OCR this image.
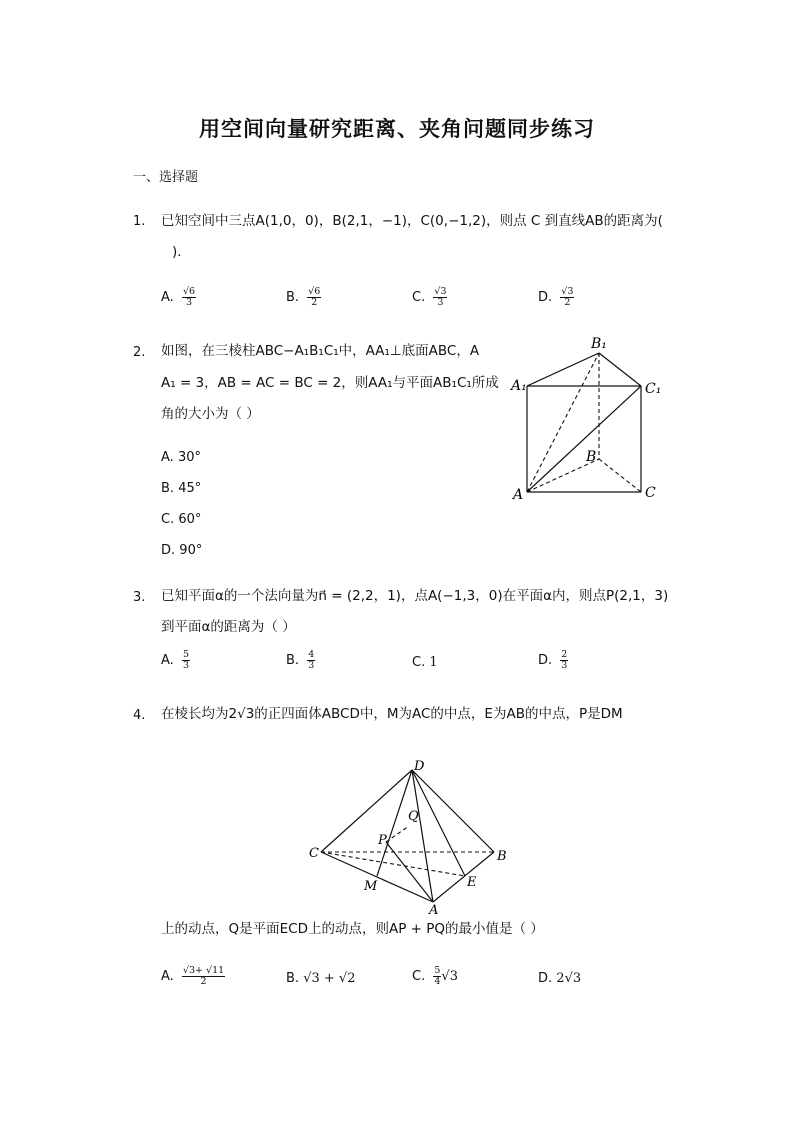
用空间向量研究距离、夹角问题同步练习
一、选择题
1. 已知空间中三点A(1,0，0)，B(2,1，−1)，C(0,−1,2)，则点 C 到直线AB的距离为(
)．
A. $\frac{√6}{3}$	B. $\frac{√6}{2}$	C. $\frac{√3}{3}$	D. $\frac{√3}{2}$
2. 如图，在三棱柱ABC−A₁B₁C₁中，AA₁⊥底面ABC，A
A₁ = 3，AB = AC = BC = 2，则AA₁与平面AB₁C₁所成
角的大小为（ ）
A. 30°
B. 45°
C. 60°
D. 90°
B₁
A₁	C₁
B
A	C
3. 已知平面α的一个法向量为n⃗ = (2,2，1)，点A(−1,3，0)在平面α内，则点P(2,1，3)
到平面α的距离为（ ）
A. $\frac{5}{3}$	B. $\frac{4}{3}$	C. 1	D. $\frac{2}{3}$
4. 在棱长均为2√3的正四面体ABCD中，M为AC的中点，E为AB的中点，P是DM
D
Q
P
C	B
M	E
A
上的动点，Q是平面ECD上的动点，则AP + PQ的最小值是（ ）
A. $\frac{√3+ √11}{2}$	B. √3 + √2	C. $\frac{5}{4} √3$	D. 2√3
